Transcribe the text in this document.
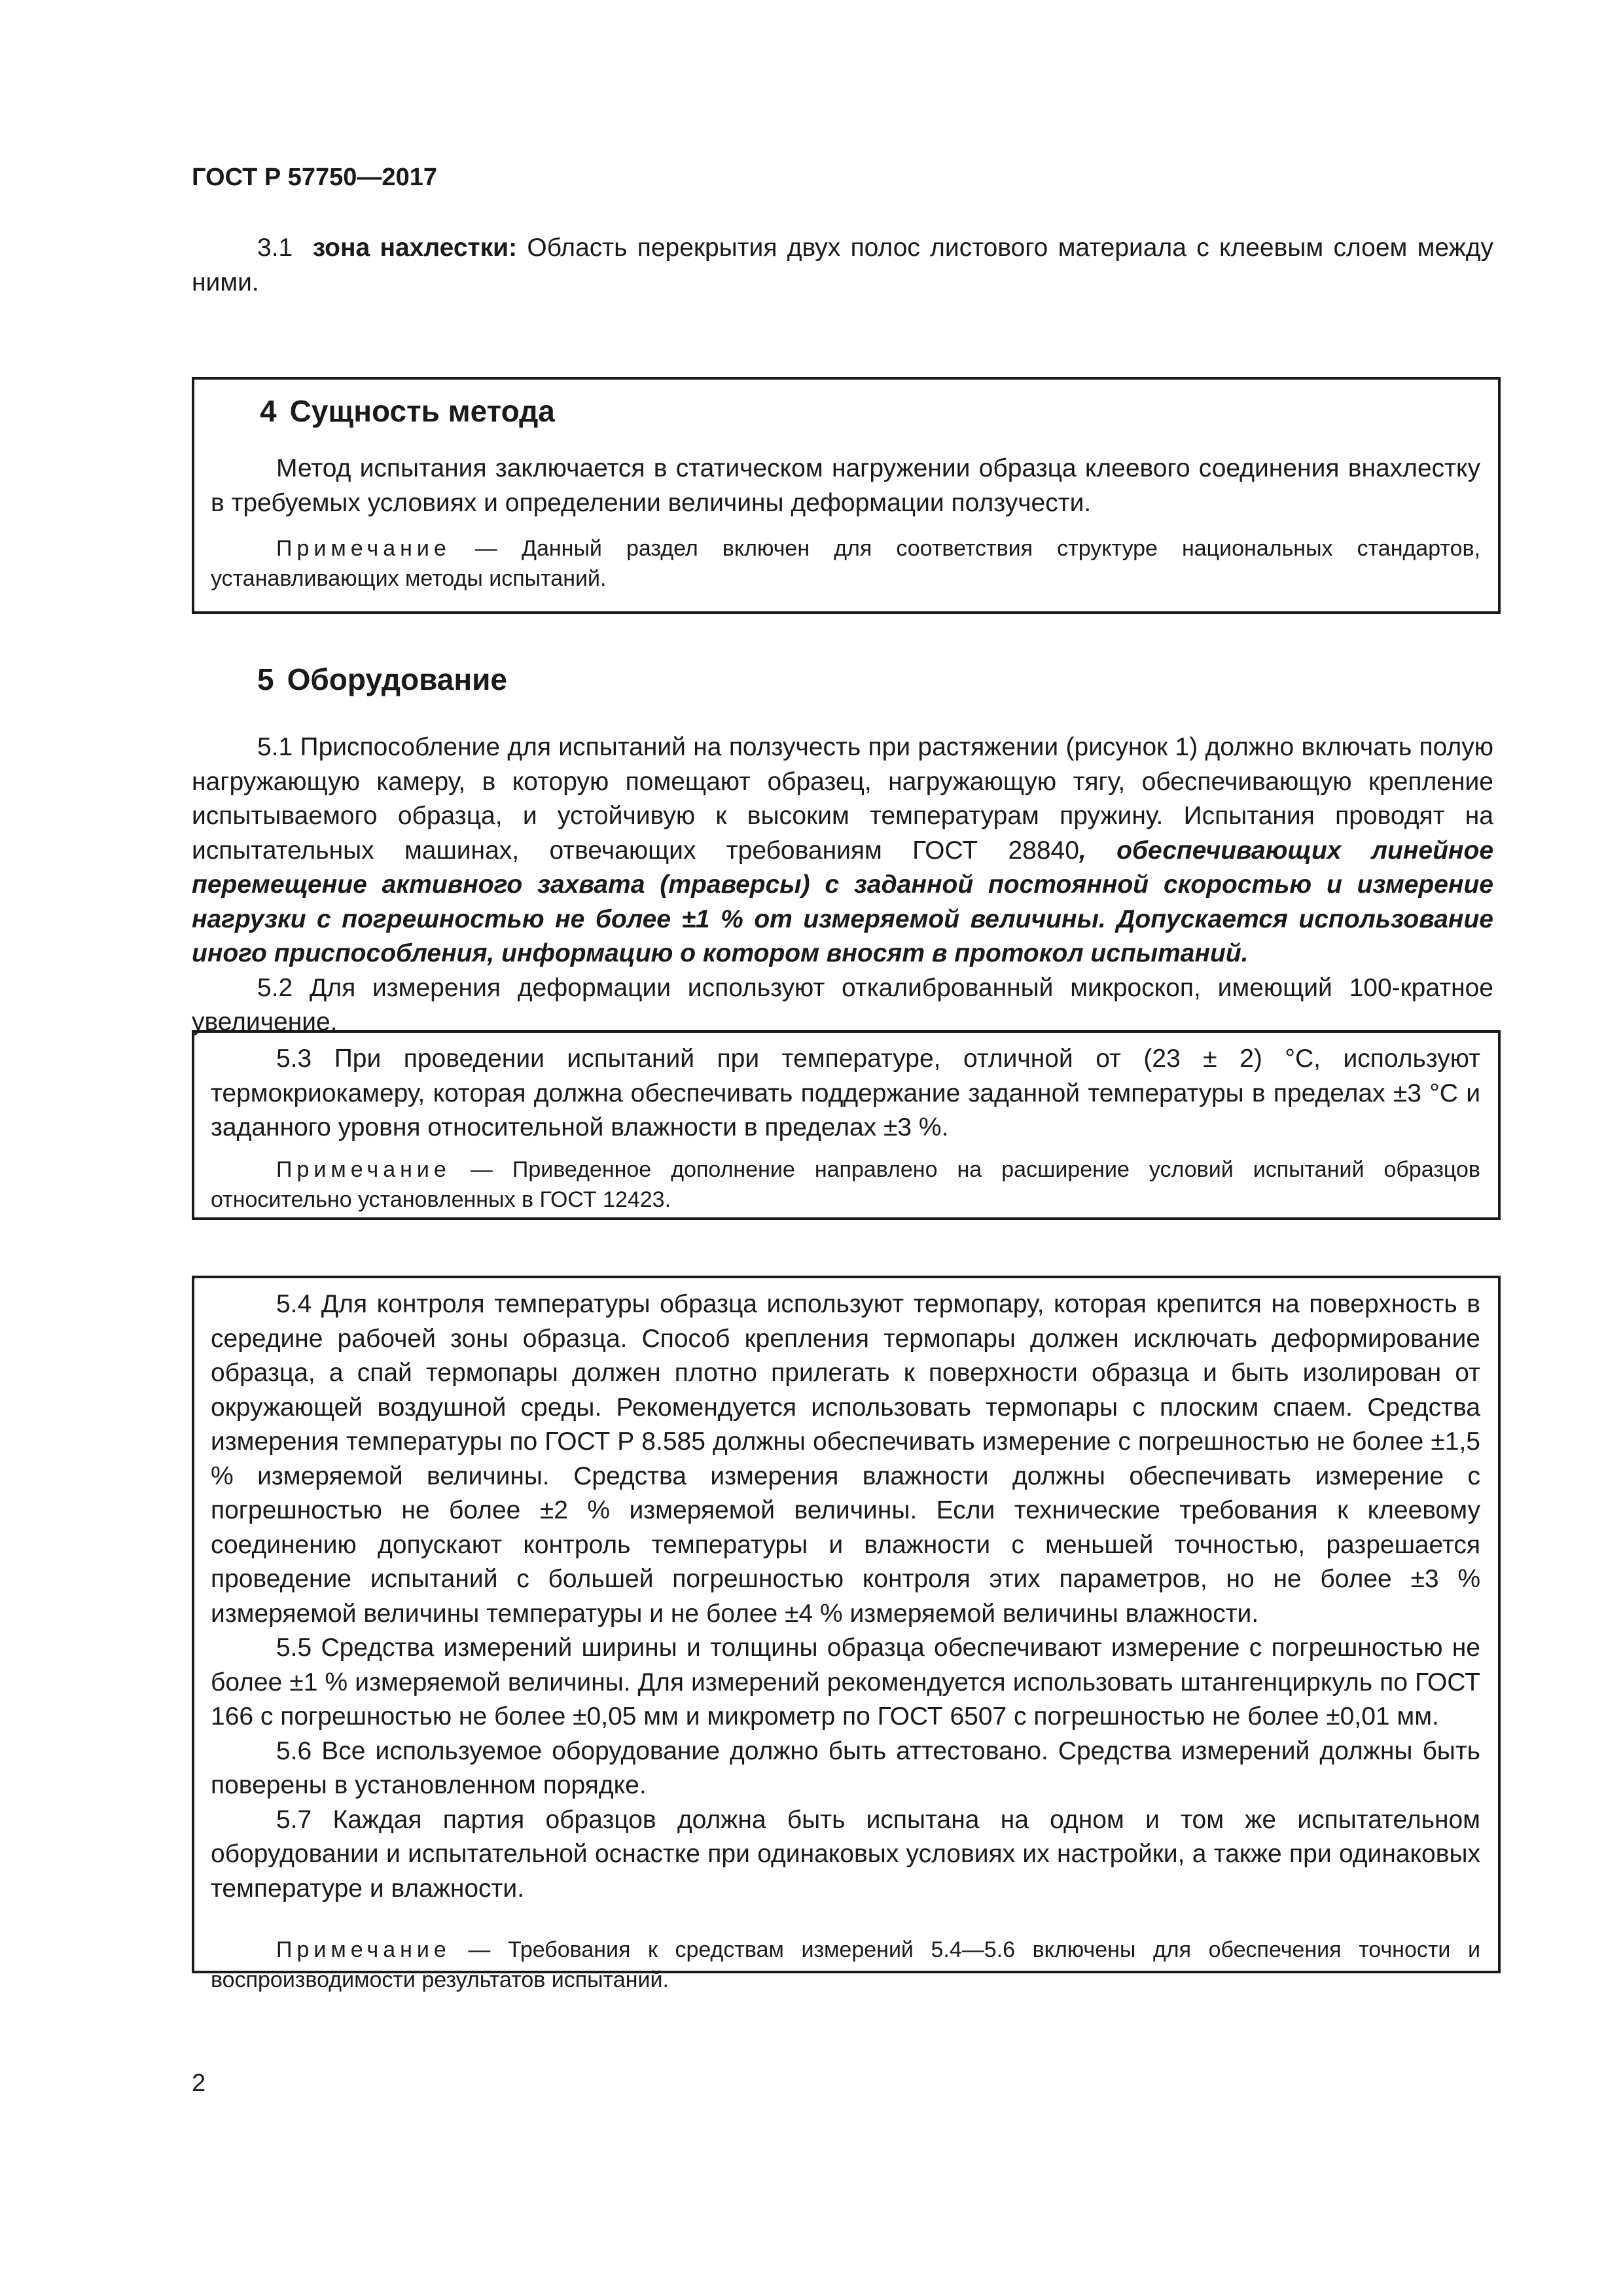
ГОСТ Р 57750—2017

3.1 зона нахлестки: Область перекрытия двух полос листового материала с клеевым слоем между ними.

4 Сущность метода

Метод испытания заключается в статическом нагружении образца клеевого соединения внахлестку в требуемых условиях и определении величины деформации ползучести.

Примечание — Данный раздел включен для соответствия структуре национальных стандартов, устанавливающих методы испытаний.

5 Оборудование

5.1 Приспособление для испытаний на ползучесть при растяжении (рисунок 1) должно включать полую нагружающую камеру, в которую помещают образец, нагружающую тягу, обеспечивающую крепление испытываемого образца, и устойчивую к высоким температурам пружину. Испытания проводят на испытательных машинах, отвечающих требованиям ГОСТ 28840, обеспечивающих линейное перемещение активного захвата (траверсы) с заданной постоянной скоростью и измерение нагрузки с погрешностью не более ±1 % от измеряемой величины. Допускается использование иного приспособления, информацию о котором вносят в протокол испытаний.

5.2 Для измерения деформации используют откалиброванный микроскоп, имеющий 100-кратное увеличение.

5.3 При проведении испытаний при температуре, отличной от (23 ± 2) °С, используют термокриокамеру, которая должна обеспечивать поддержание заданной температуры в пределах ±3 °С и заданного уровня относительной влажности в пределах ±3 %.

Примечание — Приведенное дополнение направлено на расширение условий испытаний образцов относительно установленных в ГОСТ 12423.

5.4 Для контроля температуры образца используют термопару, которая крепится на поверхность в середине рабочей зоны образца. Способ крепления термопары должен исключать деформирование образца, а спай термопары должен плотно прилегать к поверхности образца и быть изолирован от окружающей воздушной среды. Рекомендуется использовать термопары с плоским спаем. Средства измерения температуры по ГОСТ Р 8.585 должны обеспечивать измерение с погрешностью не более ±1,5 % измеряемой величины. Средства измерения влажности должны обеспечивать измерение с погрешностью не более ±2 % измеряемой величины. Если технические требования к клеевому соединению допускают контроль температуры и влажности с меньшей точностью, разрешается проведение испытаний с большей погрешностью контроля этих параметров, но не более ±3 % измеряемой величины температуры и не более ±4 % измеряемой величины влажности.

5.5 Средства измерений ширины и толщины образца обеспечивают измерение с погрешностью не более ±1 % измеряемой величины. Для измерений рекомендуется использовать штангенциркуль по ГОСТ 166 с погрешностью не более ±0,05 мм и микрометр по ГОСТ 6507 с погрешностью не более ±0,01 мм.

5.6 Все используемое оборудование должно быть аттестовано. Средства измерений должны быть поверены в установленном порядке.

5.7 Каждая партия образцов должна быть испытана на одном и том же испытательном оборудовании и испытательной оснастке при одинаковых условиях их настройки, а также при одинаковых температуре и влажности.

Примечание — Требования к средствам измерений 5.4—5.6 включены для обеспечения точности и воспроизводимости результатов испытаний.

2
